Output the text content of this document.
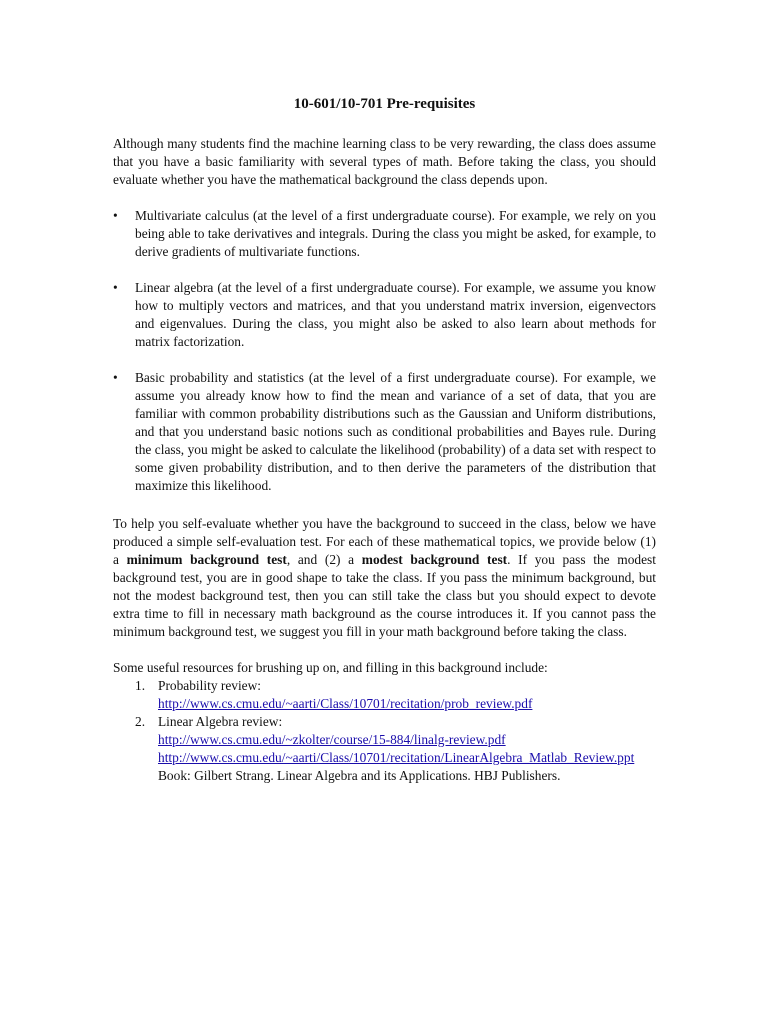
10-601/10-701 Pre-requisites

Although many students find the machine learning class to be very rewarding, the class does assume that you have a basic familiarity with several types of math. Before taking the class, you should evaluate whether you have the mathematical background the class depends upon.

• Multivariate calculus (at the level of a first undergraduate course). For example, we rely on you being able to take derivatives and integrals. During the class you might be asked, for example, to derive gradients of multivariate functions.
• Linear algebra (at the level of a first undergraduate course). For example, we assume you know how to multiply vectors and matrices, and that you understand matrix inversion, eigenvectors and eigenvalues. During the class, you might also be asked to also learn about methods for matrix factorization.
• Basic probability and statistics (at the level of a first undergraduate course). For example, we assume you already know how to find the mean and variance of a set of data, that you are familiar with common probability distributions such as the Gaussian and Uniform distributions, and that you understand basic notions such as conditional probabilities and Bayes rule. During the class, you might be asked to calculate the likelihood (probability) of a data set with respect to some given probability distribution, and to then derive the parameters of the distribution that maximize this likelihood.

To help you self-evaluate whether you have the background to succeed in the class, below we have produced a simple self-evaluation test. For each of these mathematical topics, we provide below (1) a minimum background test, and (2) a modest background test. If you pass the modest background test, you are in good shape to take the class. If you pass the minimum background, but not the modest background test, then you can still take the class but you should expect to devote extra time to fill in necessary math background as the course introduces it. If you cannot pass the minimum background test, we suggest you fill in your math background before taking the class.

Some useful resources for brushing up on, and filling in this background include:

1. Probability review:
http://www.cs.cmu.edu/~aarti/Class/10701/recitation/prob_review.pdf
2. Linear Algebra review:
http://www.cs.cmu.edu/~zkolter/course/15-884/linalg-review.pdf
http://www.cs.cmu.edu/~aarti/Class/10701/recitation/LinearAlgebra_Matlab_Review.ppt
Book: Gilbert Strang. Linear Algebra and its Applications. HBJ Publishers.
